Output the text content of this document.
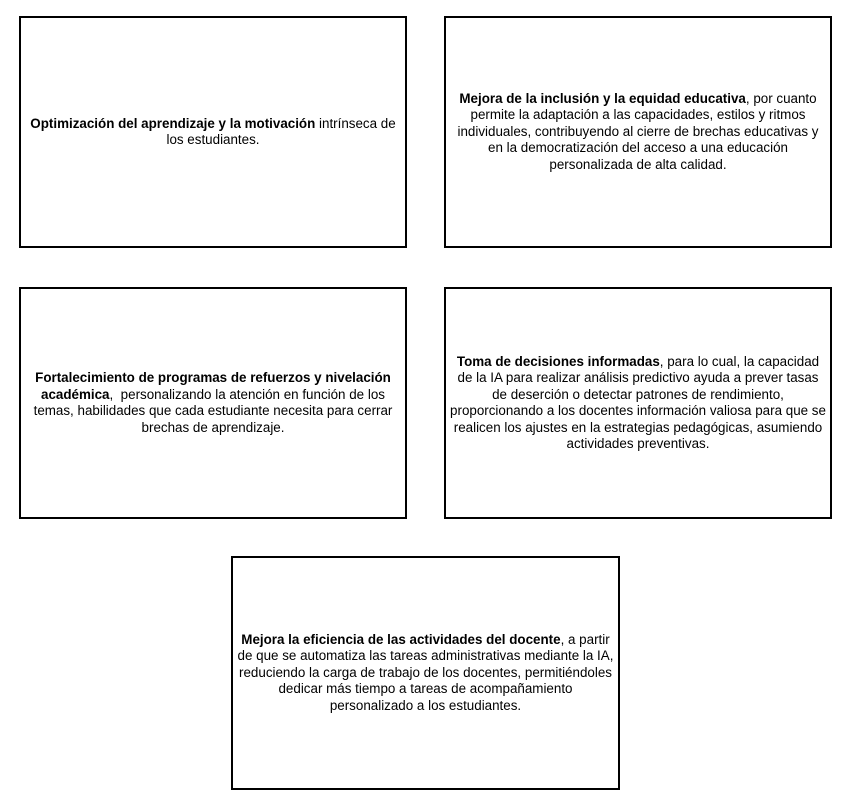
Optimización del aprendizaje y la motivación intrínseca de los estudiantes.

Mejora de la inclusión y la equidad educativa, por cuanto permite la adaptación a las capacidades, estilos y ritmos individuales, contribuyendo al cierre de brechas educativas y en la democratización del acceso a una educación personalizada de alta calidad.

Fortalecimiento de programas de refuerzos y nivelación académica,  personalizando la atención en función de los temas, habilidades que cada estudiante necesita para cerrar brechas de aprendizaje.

Toma de decisiones informadas, para lo cual, la capacidad de la IA para realizar análisis predictivo ayuda a prever tasas de deserción o detectar patrones de rendimiento, proporcionando a los docentes información valiosa para que se realicen los ajustes en la estrategias pedagógicas, asumiendo actividades preventivas.

Mejora la eficiencia de las actividades del docente, a partir de que se automatiza las tareas administrativas mediante la IA, reduciendo la carga de trabajo de los docentes, permitiéndoles dedicar más tiempo a tareas de acompañamiento personalizado a los estudiantes.
